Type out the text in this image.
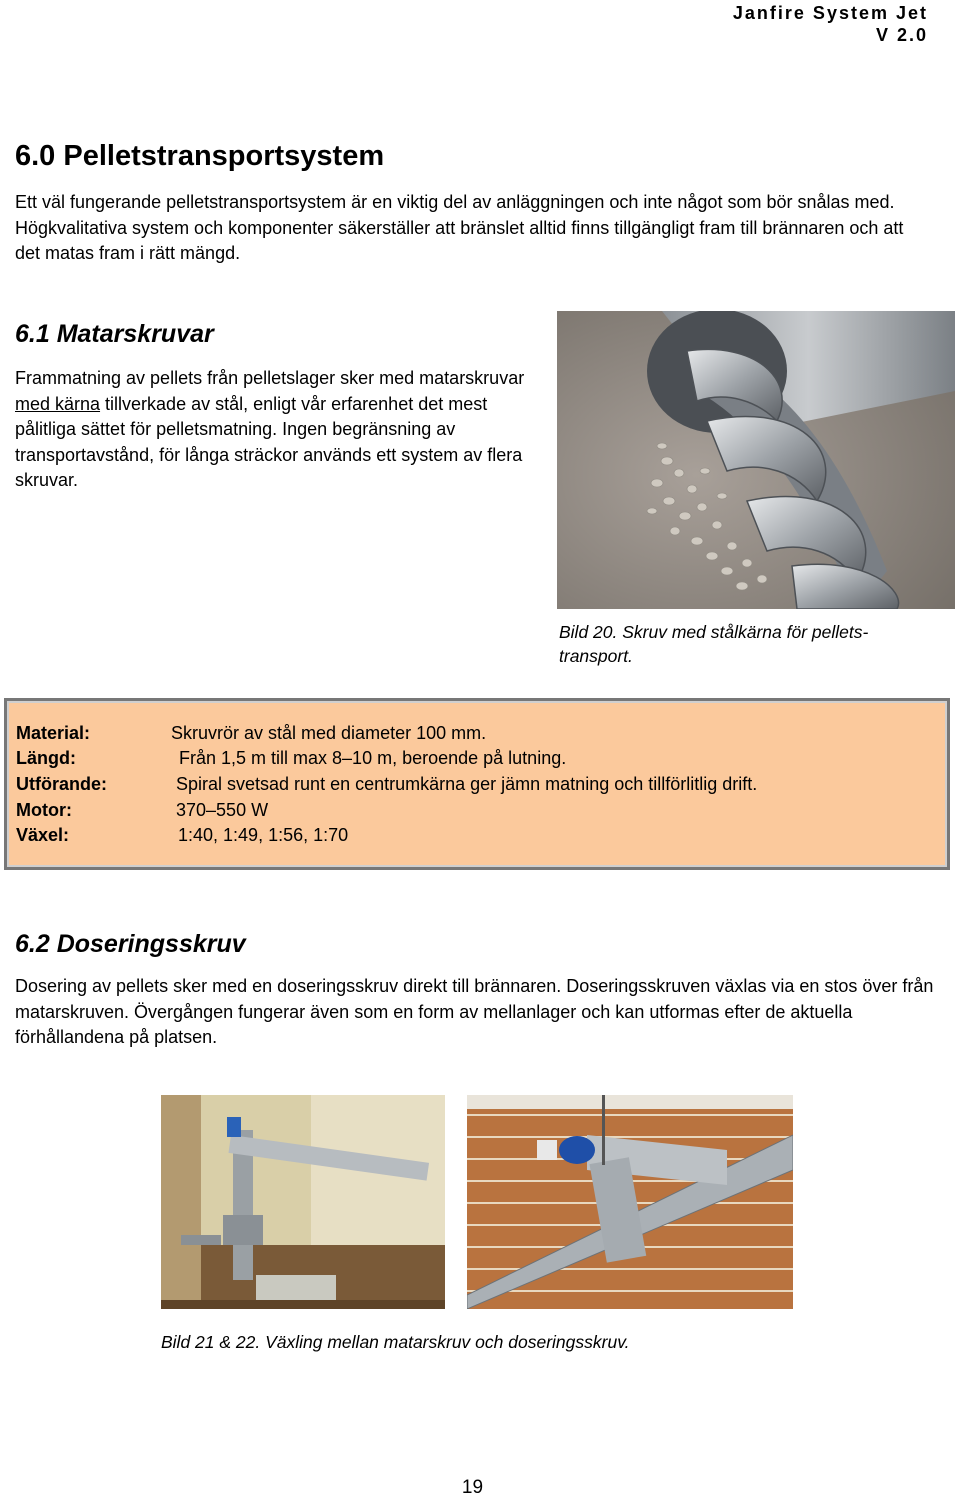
Janfire System Jet
V 2.0
6.0 Pelletstransportsystem
Ett väl fungerande pelletstransportsystem är en viktig del av anläggningen och inte något som bör snålas med. Högkvalitativa system och komponenter säkerställer att bränslet alltid finns tillgängligt fram till brännaren och att det matas fram i rätt mängd.
6.1 Matarskruvar
Frammatning av pellets från pelletslager sker med matarskruvar med kärna tillverkade av stål, enligt vår erfarenhet det mest pålitliga sättet för pelletsmatning. Ingen begränsning av transportavstånd, för långa sträckor används ett system av flera skruvar.
Bild 20. Skruv med stålkärna för pellets-transport.
Material:	Skruvrör av stål med diameter 100 mm.
Längd:	Från 1,5 m till max 8–10 m, beroende på lutning.
Utförande:	Spiral svetsad runt en centrumkärna ger jämn matning och tillförlitlig drift.
Motor:	370–550 W
Växel:	1:40, 1:49, 1:56, 1:70
6.2 Doseringsskruv
Dosering av pellets sker med en doseringsskruv direkt till brännaren. Doseringsskruven växlas via en stos över från matarskruven. Övergången fungerar även som en form av mellanlager och kan utformas efter de aktuella förhållandena på platsen.
Bild 21 & 22. Växling mellan matarskruv och doseringsskruv.
19
